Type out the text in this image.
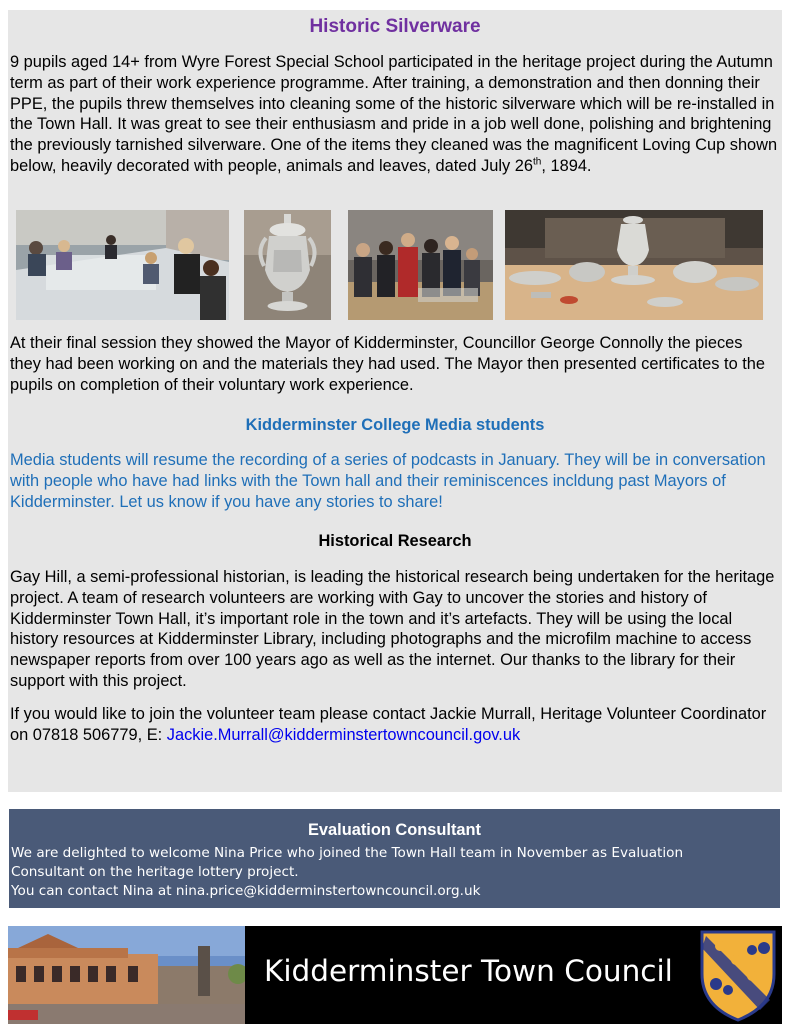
Historic Silverware
9 pupils aged 14+ from Wyre Forest Special School participated in the heritage project during the Autumn term as part of their work experience programme. After training, a demonstration and then donning their PPE, the pupils threw themselves into cleaning some of the historic silverware which will be re-installed in the Town Hall. It was great to see their enthusiasm and pride in a job well done, polishing and brightening the previously tarnished silverware. One of the items they cleaned was the magnificent Loving Cup shown below, heavily decorated with people, animals and leaves, dated July 26th, 1894.
At their final session they showed the Mayor of Kidderminster, Councillor George Connolly the pieces they had been working on and the materials they had used. The Mayor then presented certificates to the pupils on completion of their voluntary work experience.
Kidderminster College Media students
Media students will resume the recording of a series of podcasts in January. They will be in conversation with people who have had links with the Town hall and their reminiscences incldung past Mayors of Kidderminster. Let us know if you have any stories to share!
Historical Research
Gay Hill, a semi-professional historian, is leading the historical research being undertaken for the heritage project. A team of research volunteers are working with Gay to uncover the stories and history of Kidderminster Town Hall, it’s important role in the town and it’s artefacts. They will be using the local history resources at Kidderminster Library, including photographs and the microfilm machine to access newspaper reports from over 100 years ago as well as the internet. Our thanks to the library for their support with this project.
If you would like to join the volunteer team please contact Jackie Murrall, Heritage Volunteer Coordinator on 07818 506779, E: Jackie.Murrall@kidderminstertowncouncil.gov.uk
Evaluation Consultant
We are delighted to welcome Nina Price who joined the Town Hall team in November as Evaluation
Consultant on the heritage lottery project.
You can contact Nina at nina.price@kidderminstertowncouncil.org.uk
Kidderminster Town Council
